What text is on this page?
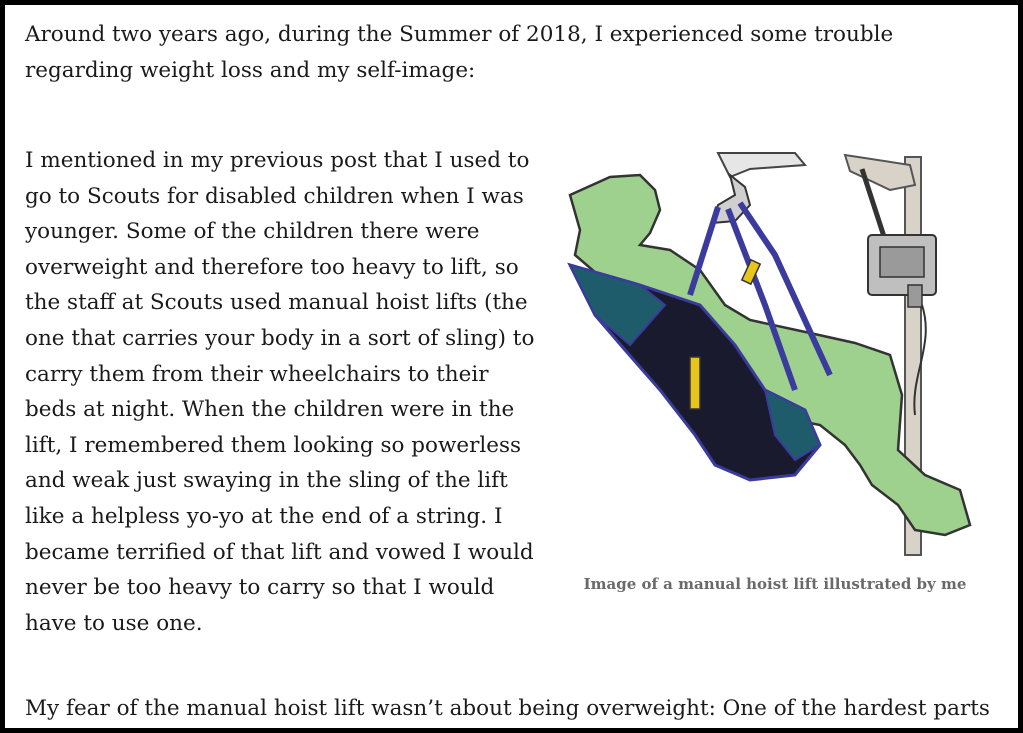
Around two years ago, during the Summer of 2018, I experienced some trouble regarding weight loss and my self-image:

I mentioned in my previous post that I used to go to Scouts for disabled children when I was younger. Some of the children there were overweight and therefore too heavy to lift, so the staff at Scouts used manual hoist lifts (the one that carries your body in a sort of sling) to carry them from their wheelchairs to their beds at night. When the children were in the lift, I remembered them looking so powerless and weak just swaying in the sling of the lift like a helpless yo-yo at the end of a string. I became terrified of that lift and vowed I would never be too heavy to carry so that I would have to use one.

Image of a manual hoist lift illustrated by me

My fear of the manual hoist lift wasn’t about being overweight: One of the hardest parts
